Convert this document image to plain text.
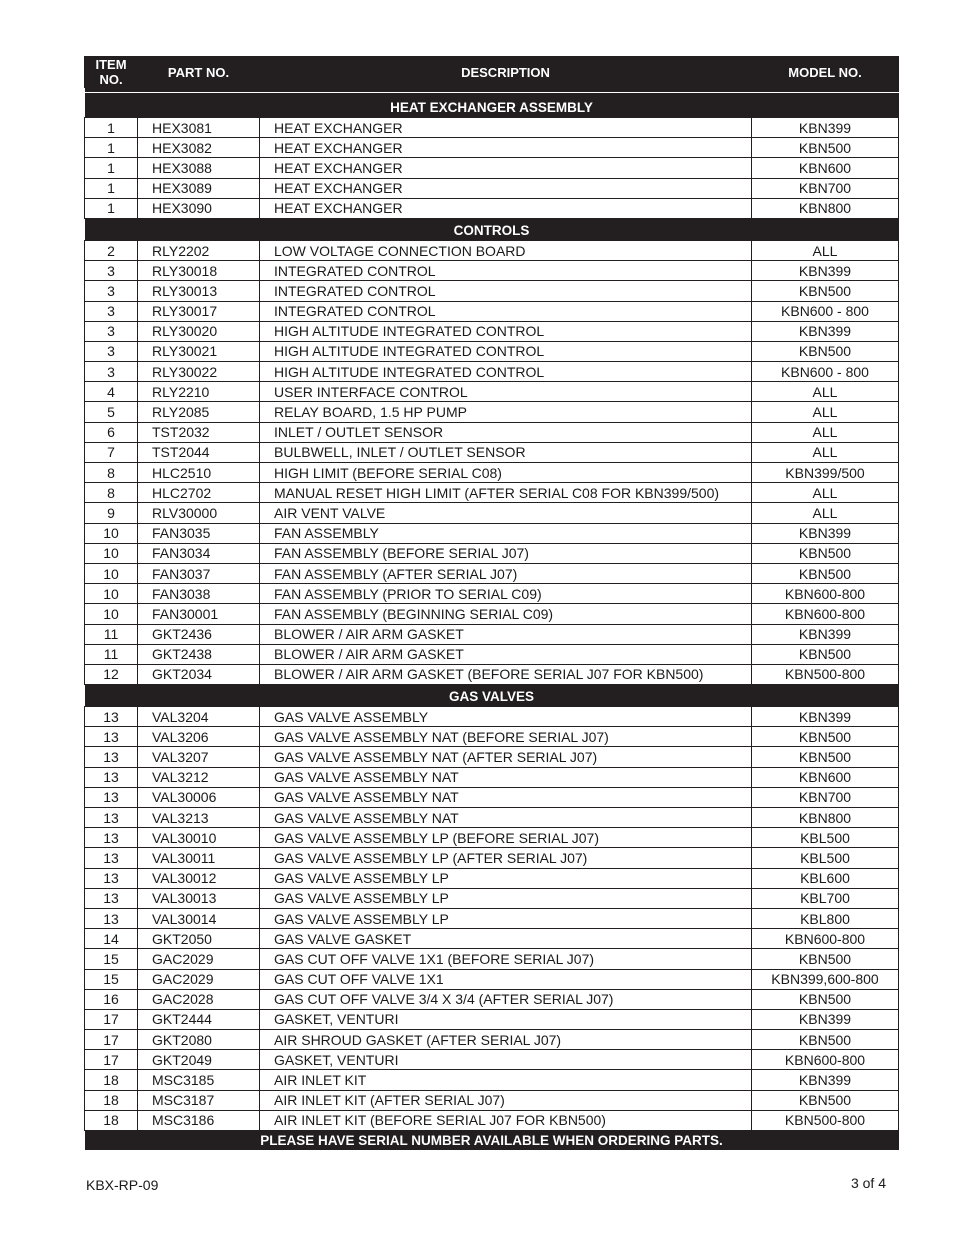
ITEM NO.	PART NO.	DESCRIPTION	MODEL NO.

HEAT EXCHANGER ASSEMBLY			
1	HEX3081	HEAT EXCHANGER	KBN399
1	HEX3082	HEAT EXCHANGER	KBN500
1	HEX3088	HEAT EXCHANGER	KBN600
1	HEX3089	HEAT EXCHANGER	KBN700
1	HEX3090	HEAT EXCHANGER	KBN800
CONTROLS			
2	RLY2202	LOW VOLTAGE CONNECTION BOARD	ALL
3	RLY30018	INTEGRATED CONTROL	KBN399
3	RLY30013	INTEGRATED CONTROL	KBN500
3	RLY30017	INTEGRATED CONTROL	KBN600 - 800
3	RLY30020	HIGH ALTITUDE INTEGRATED CONTROL	KBN399
3	RLY30021	HIGH ALTITUDE INTEGRATED CONTROL	KBN500
3	RLY30022	HIGH ALTITUDE INTEGRATED CONTROL	KBN600 - 800
4	RLY2210	USER INTERFACE CONTROL	ALL
5	RLY2085	RELAY BOARD, 1.5 HP PUMP	ALL
6	TST2032	INLET / OUTLET SENSOR	ALL
7	TST2044	BULBWELL, INLET / OUTLET SENSOR	ALL
8	HLC2510	HIGH LIMIT (BEFORE SERIAL C08)	KBN399/500
8	HLC2702	MANUAL RESET HIGH LIMIT (AFTER SERIAL C08 FOR KBN399/500)	ALL
9	RLV30000	AIR VENT VALVE	ALL
10	FAN3035	FAN ASSEMBLY	KBN399
10	FAN3034	FAN ASSEMBLY (BEFORE SERIAL J07)	KBN500
10	FAN3037	FAN ASSEMBLY (AFTER SERIAL J07)	KBN500
10	FAN3038	FAN ASSEMBLY (PRIOR TO SERIAL C09)	KBN600-800
10	FAN30001	FAN ASSEMBLY (BEGINNING SERIAL C09)	KBN600-800
11	GKT2436	BLOWER / AIR ARM GASKET	KBN399
11	GKT2438	BLOWER / AIR ARM GASKET	KBN500
12	GKT2034	BLOWER / AIR ARM GASKET (BEFORE SERIAL J07 FOR KBN500)	KBN500-800
GAS VALVES			
13	VAL3204	GAS VALVE ASSEMBLY	KBN399
13	VAL3206	GAS VALVE ASSEMBLY NAT (BEFORE SERIAL J07)	KBN500
13	VAL3207	GAS VALVE ASSEMBLY NAT (AFTER SERIAL J07)	KBN500
13	VAL3212	GAS VALVE ASSEMBLY NAT	KBN600
13	VAL30006	GAS VALVE ASSEMBLY NAT	KBN700
13	VAL3213	GAS VALVE ASSEMBLY NAT	KBN800
13	VAL30010	GAS VALVE ASSEMBLY LP (BEFORE SERIAL J07)	KBL500
13	VAL30011	GAS VALVE ASSEMBLY LP (AFTER SERIAL J07)	KBL500
13	VAL30012	GAS VALVE ASSEMBLY LP	KBL600
13	VAL30013	GAS VALVE ASSEMBLY LP	KBL700
13	VAL30014	GAS VALVE ASSEMBLY LP	KBL800
14	GKT2050	GAS VALVE GASKET	KBN600-800
15	GAC2029	GAS CUT OFF VALVE 1X1 (BEFORE SERIAL J07)	KBN500
15	GAC2029	GAS CUT OFF VALVE 1X1	KBN399,600-800
16	GAC2028	GAS CUT OFF VALVE 3/4 X 3/4 (AFTER SERIAL J07)	KBN500
17	GKT2444	GASKET, VENTURI	KBN399
17	GKT2080	AIR SHROUD GASKET (AFTER SERIAL J07)	KBN500
17	GKT2049	GASKET, VENTURI	KBN600-800
18	MSC3185	AIR INLET KIT	KBN399
18	MSC3187	AIR INLET KIT (AFTER SERIAL J07)	KBN500
18	MSC3186	AIR INLET KIT (BEFORE SERIAL J07 FOR KBN500)	KBN500-800
PLEASE HAVE SERIAL NUMBER AVAILABLE WHEN ORDERING PARTS.			
KBX-RP-09	3 of 4
